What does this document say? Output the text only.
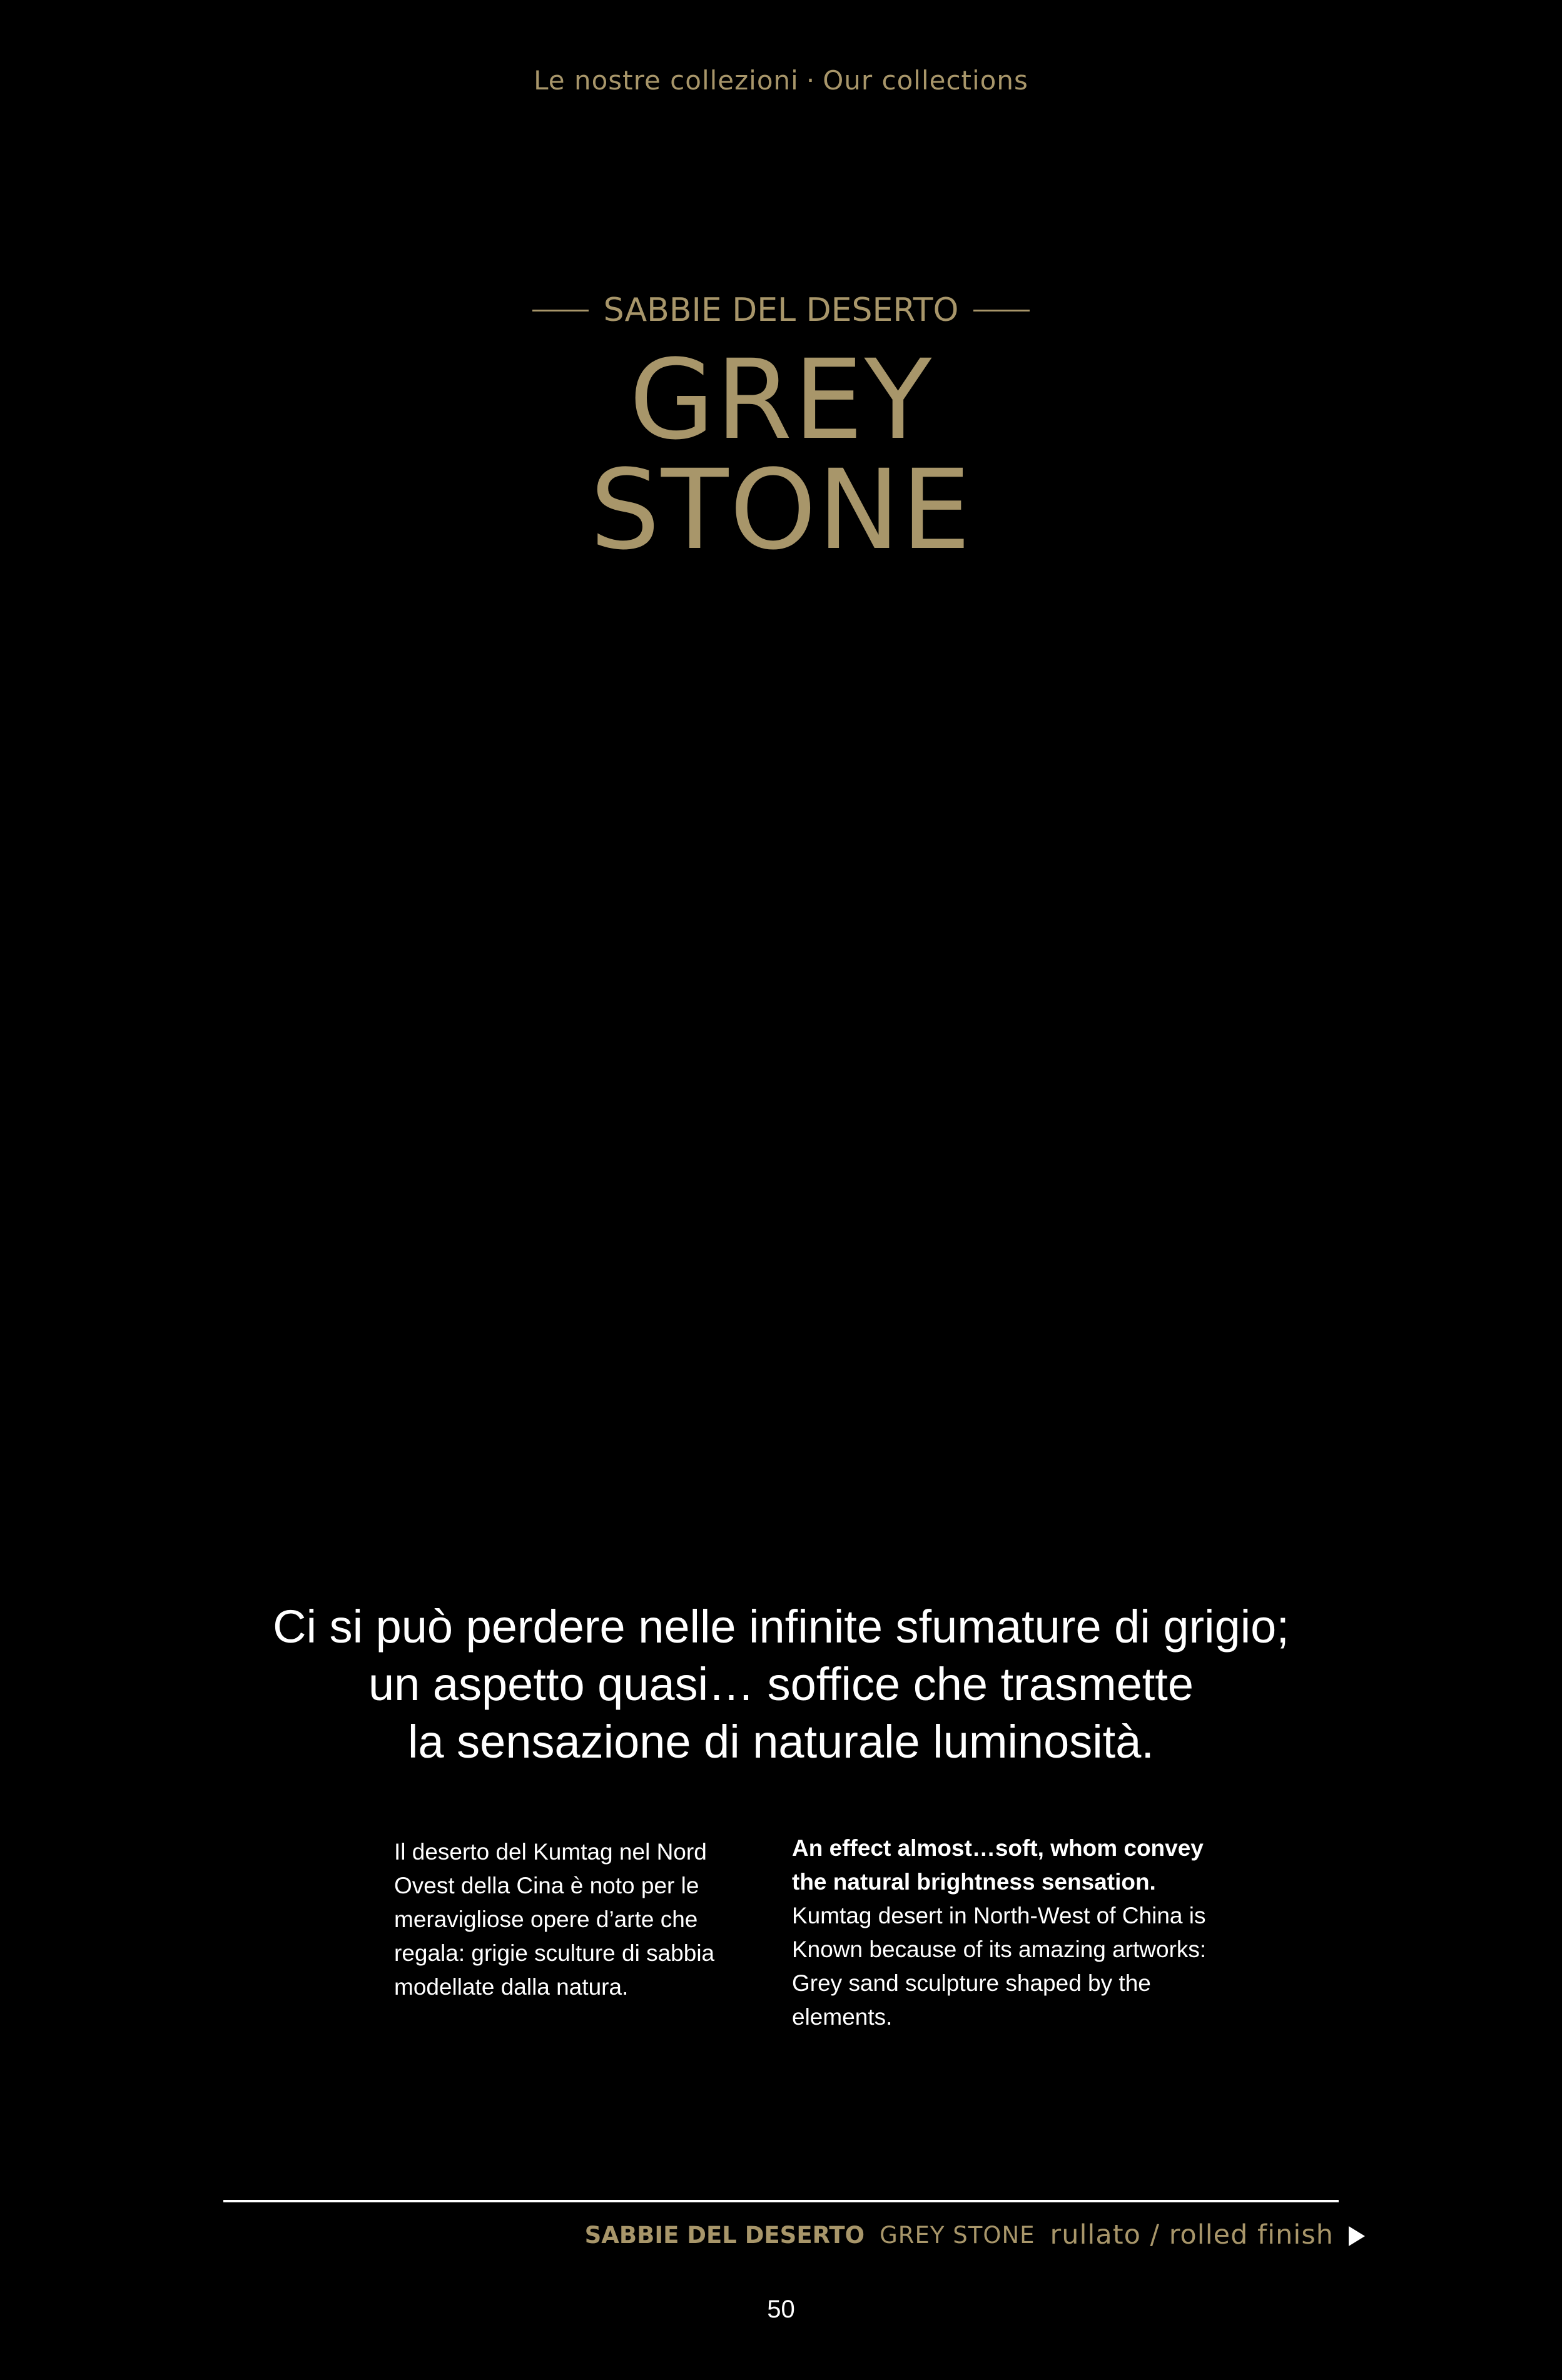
Le nostre collezioni · Our collections
SABBIE DEL DESERTO
GREY
STONE
Ci si può perdere nelle infinite sfumature di grigio;
un aspetto quasi… soffice che trasmette
la sensazione di naturale luminosità.
Il deserto del Kumtag nel Nord
Ovest della Cina è noto per le
meravigliose opere d’arte che
regala: grigie sculture di sabbia
modellate dalla natura.
An effect almost…soft, whom convey
the natural brightness sensation.
Kumtag desert in North-West of China is
Known because of its amazing artworks:
Grey sand sculpture shaped by the
elements.
SABBIE DEL DESERTO GREY STONE rullato / rolled finish
50
